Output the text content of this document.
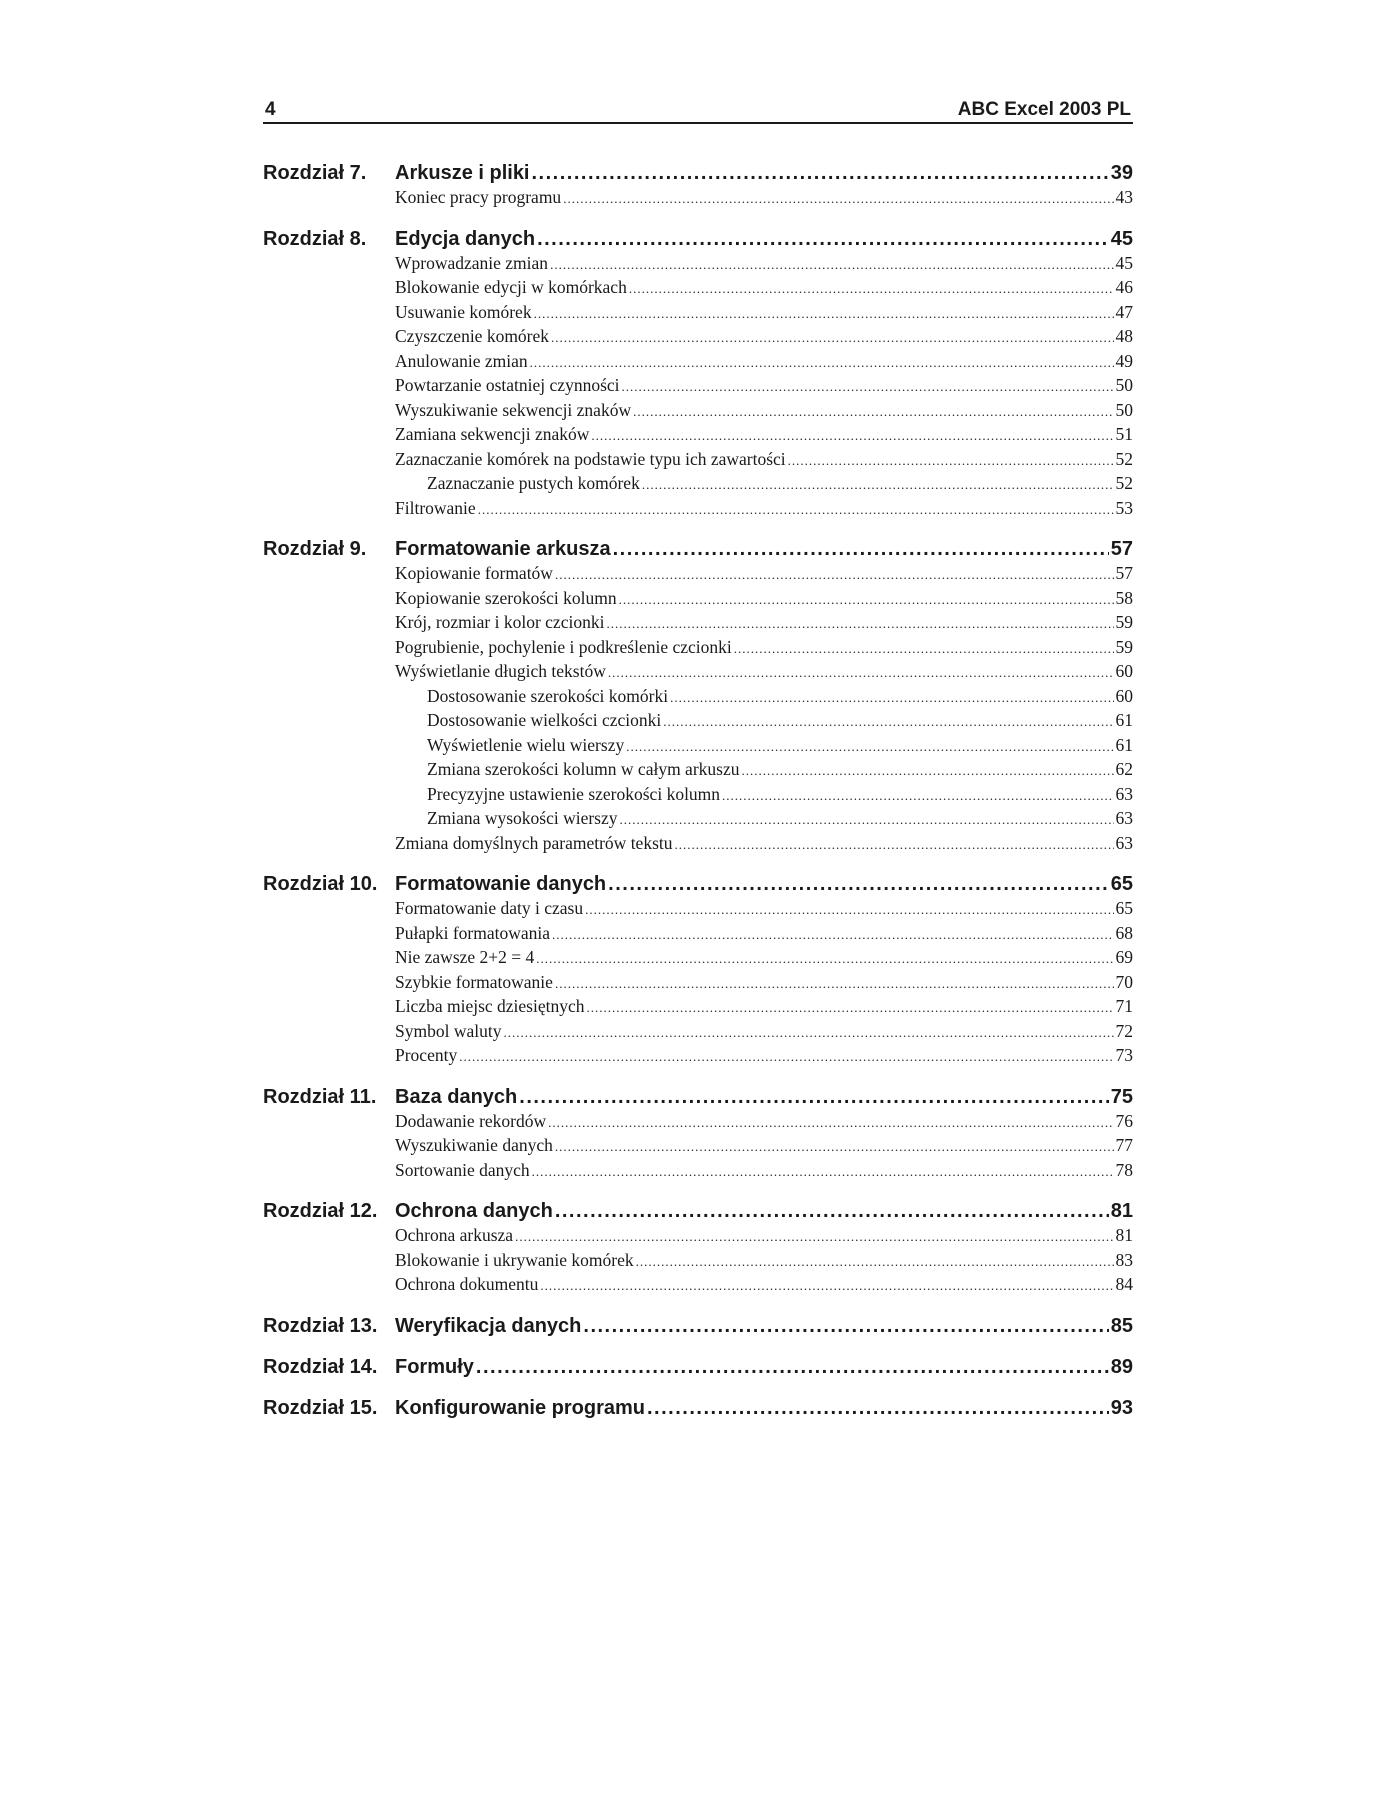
4	ABC Excel 2003 PL
Rozdział 7.	Arkusze i pliki .....	39
Koniec pracy programu .....	43
Rozdział 8.	Edycja danych .....	45
Wprowadzanie zmian .....	45
Blokowanie edycji w komórkach .....	46
Usuwanie komórek .....	47
Czyszczenie komórek .....	48
Anulowanie zmian .....	49
Powtarzanie ostatniej czynności .....	50
Wyszukiwanie sekwencji znaków .....	50
Zamiana sekwencji znaków .....	51
Zaznaczanie komórek na podstawie typu ich zawartości .....	52
Zaznaczanie pustych komórek .....	52
Filtrowanie .....	53
Rozdział 9.	Formatowanie arkusza .....	57
Kopiowanie formatów .....	57
Kopiowanie szerokości kolumn .....	58
Krój, rozmiar i kolor czcionki .....	59
Pogrubienie, pochylenie i podkreślenie czcionki .....	59
Wyświetlanie długich tekstów .....	60
Dostosowanie szerokości komórki .....	60
Dostosowanie wielkości czcionki .....	61
Wyświetlenie wielu wierszy .....	61
Zmiana szerokości kolumn w całym arkuszu .....	62
Precyzyjne ustawienie szerokości kolumn .....	63
Zmiana wysokości wierszy .....	63
Zmiana domyślnych parametrów tekstu .....	63
Rozdział 10. Formatowanie danych .....	65
Formatowanie daty i czasu .....	65
Pułapki formatowania .....	68
Nie zawsze 2+2 = 4 .....	69
Szybkie formatowanie .....	70
Liczba miejsc dziesiętnych .....	71
Symbol waluty .....	72
Procenty .....	73
Rozdział 11. Baza danych .....	75
Dodawanie rekordów .....	76
Wyszukiwanie danych .....	77
Sortowanie danych .....	78
Rozdział 12. Ochrona danych .....	81
Ochrona arkusza .....	81
Blokowanie i ukrywanie komórek .....	83
Ochrona dokumentu .....	84
Rozdział 13. Weryfikacja danych .....	85
Rozdział 14. Formuły .....	89
Rozdział 15. Konfigurowanie programu .....	93
